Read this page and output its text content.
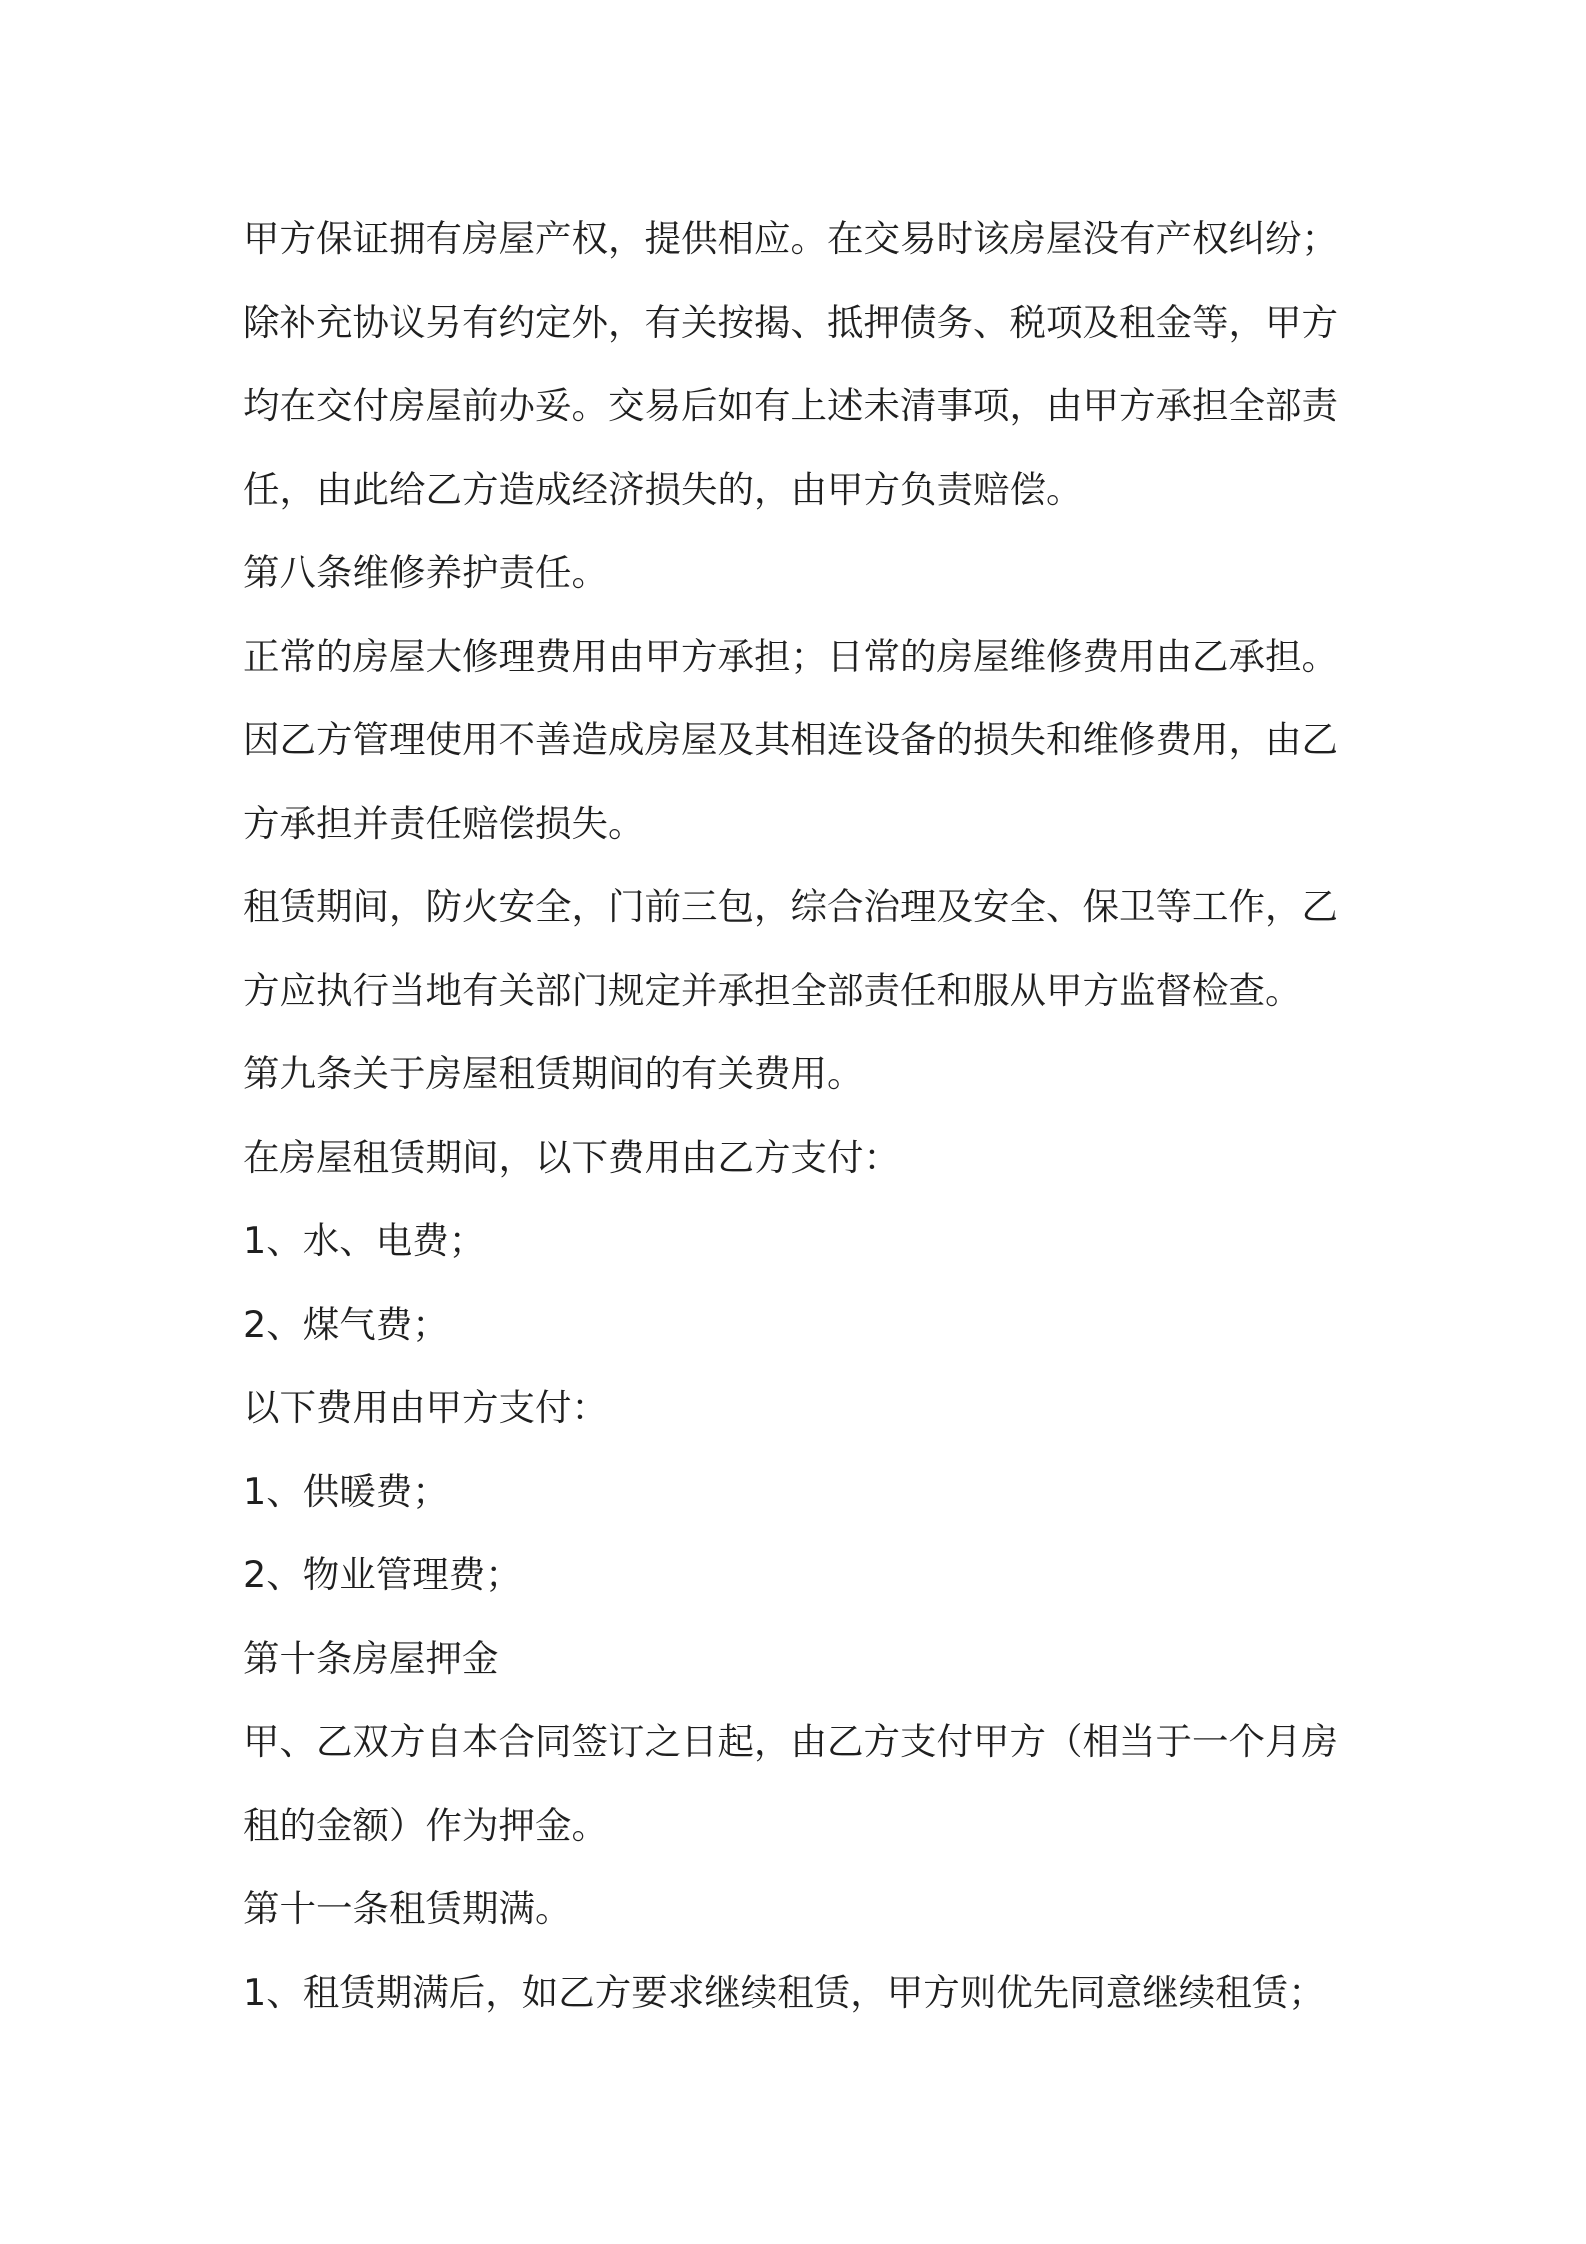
甲方保证拥有房屋产权，提供相应。在交易时该房屋没有产权纠纷；
除补充协议另有约定外，有关按揭、抵押债务、税项及租金等，甲方
均在交付房屋前办妥。交易后如有上述未清事项，由甲方承担全部责
任，由此给乙方造成经济损失的，由甲方负责赔偿。
第八条维修养护责任。
正常的房屋大修理费用由甲方承担；日常的房屋维修费用由乙承担。
因乙方管理使用不善造成房屋及其相连设备的损失和维修费用，由乙
方承担并责任赔偿损失。
租赁期间，防火安全，门前三包，综合治理及安全、保卫等工作，乙
方应执行当地有关部门规定并承担全部责任和服从甲方监督检查。
第九条关于房屋租赁期间的有关费用。
在房屋租赁期间，以下费用由乙方支付：
1、水、电费；
2、煤气费；
以下费用由甲方支付：
1、供暖费；
2、物业管理费；
第十条房屋押金
甲、乙双方自本合同签订之日起，由乙方支付甲方（相当于一个月房
租的金额）作为押金。
第十一条租赁期满。
1、租赁期满后，如乙方要求继续租赁，甲方则优先同意继续租赁；
